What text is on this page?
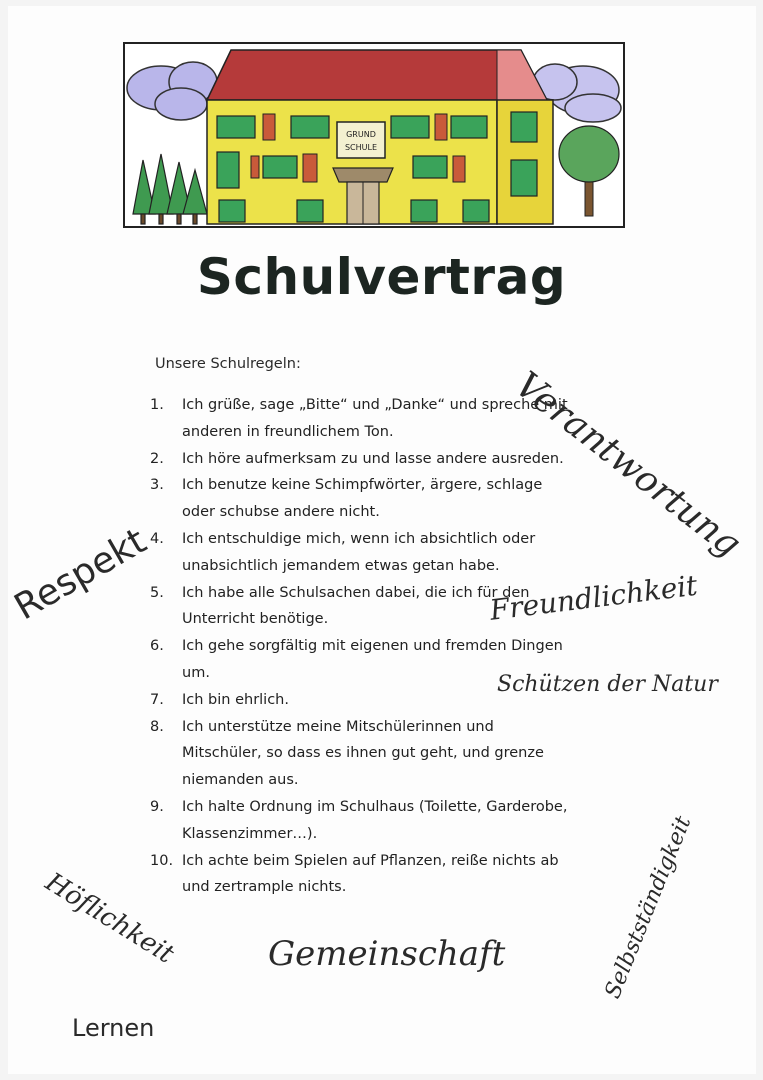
GRUND
SCHULE
Schulvertrag
Unsere Schulregeln:
1.	Ich grüße, sage „Bitte“ und „Danke“ und spreche mit
anderen in freundlichem Ton.
2.	Ich höre aufmerksam zu und lasse andere ausreden.
3.	Ich benutze keine Schimpfwörter, ärgere, schlage
oder schubse andere nicht.
4.	Ich entschuldige mich, wenn ich absichtlich oder
unabsichtlich jemandem etwas getan habe.
5.	Ich habe alle Schulsachen dabei, die ich für den
Unterricht benötige.
6.	Ich gehe sorgfältig mit eigenen und fremden Dingen
um.
7.	Ich bin ehrlich.
8.	Ich unterstütze meine Mitschülerinnen und
Mitschüler, so dass es ihnen gut geht, und grenze
niemanden aus.
9.	Ich halte Ordnung im Schulhaus (Toilette, Garderobe,
Klassenzimmer…).
10. Ich achte beim Spielen auf Pflanzen, reiße nichts ab
und zertrample nichts.
Respekt
Verantwortung
Freundlichkeit
Schützen der Natur
Höflichkeit	Gemeinschaft	Selbstständigkeit
Lernen
